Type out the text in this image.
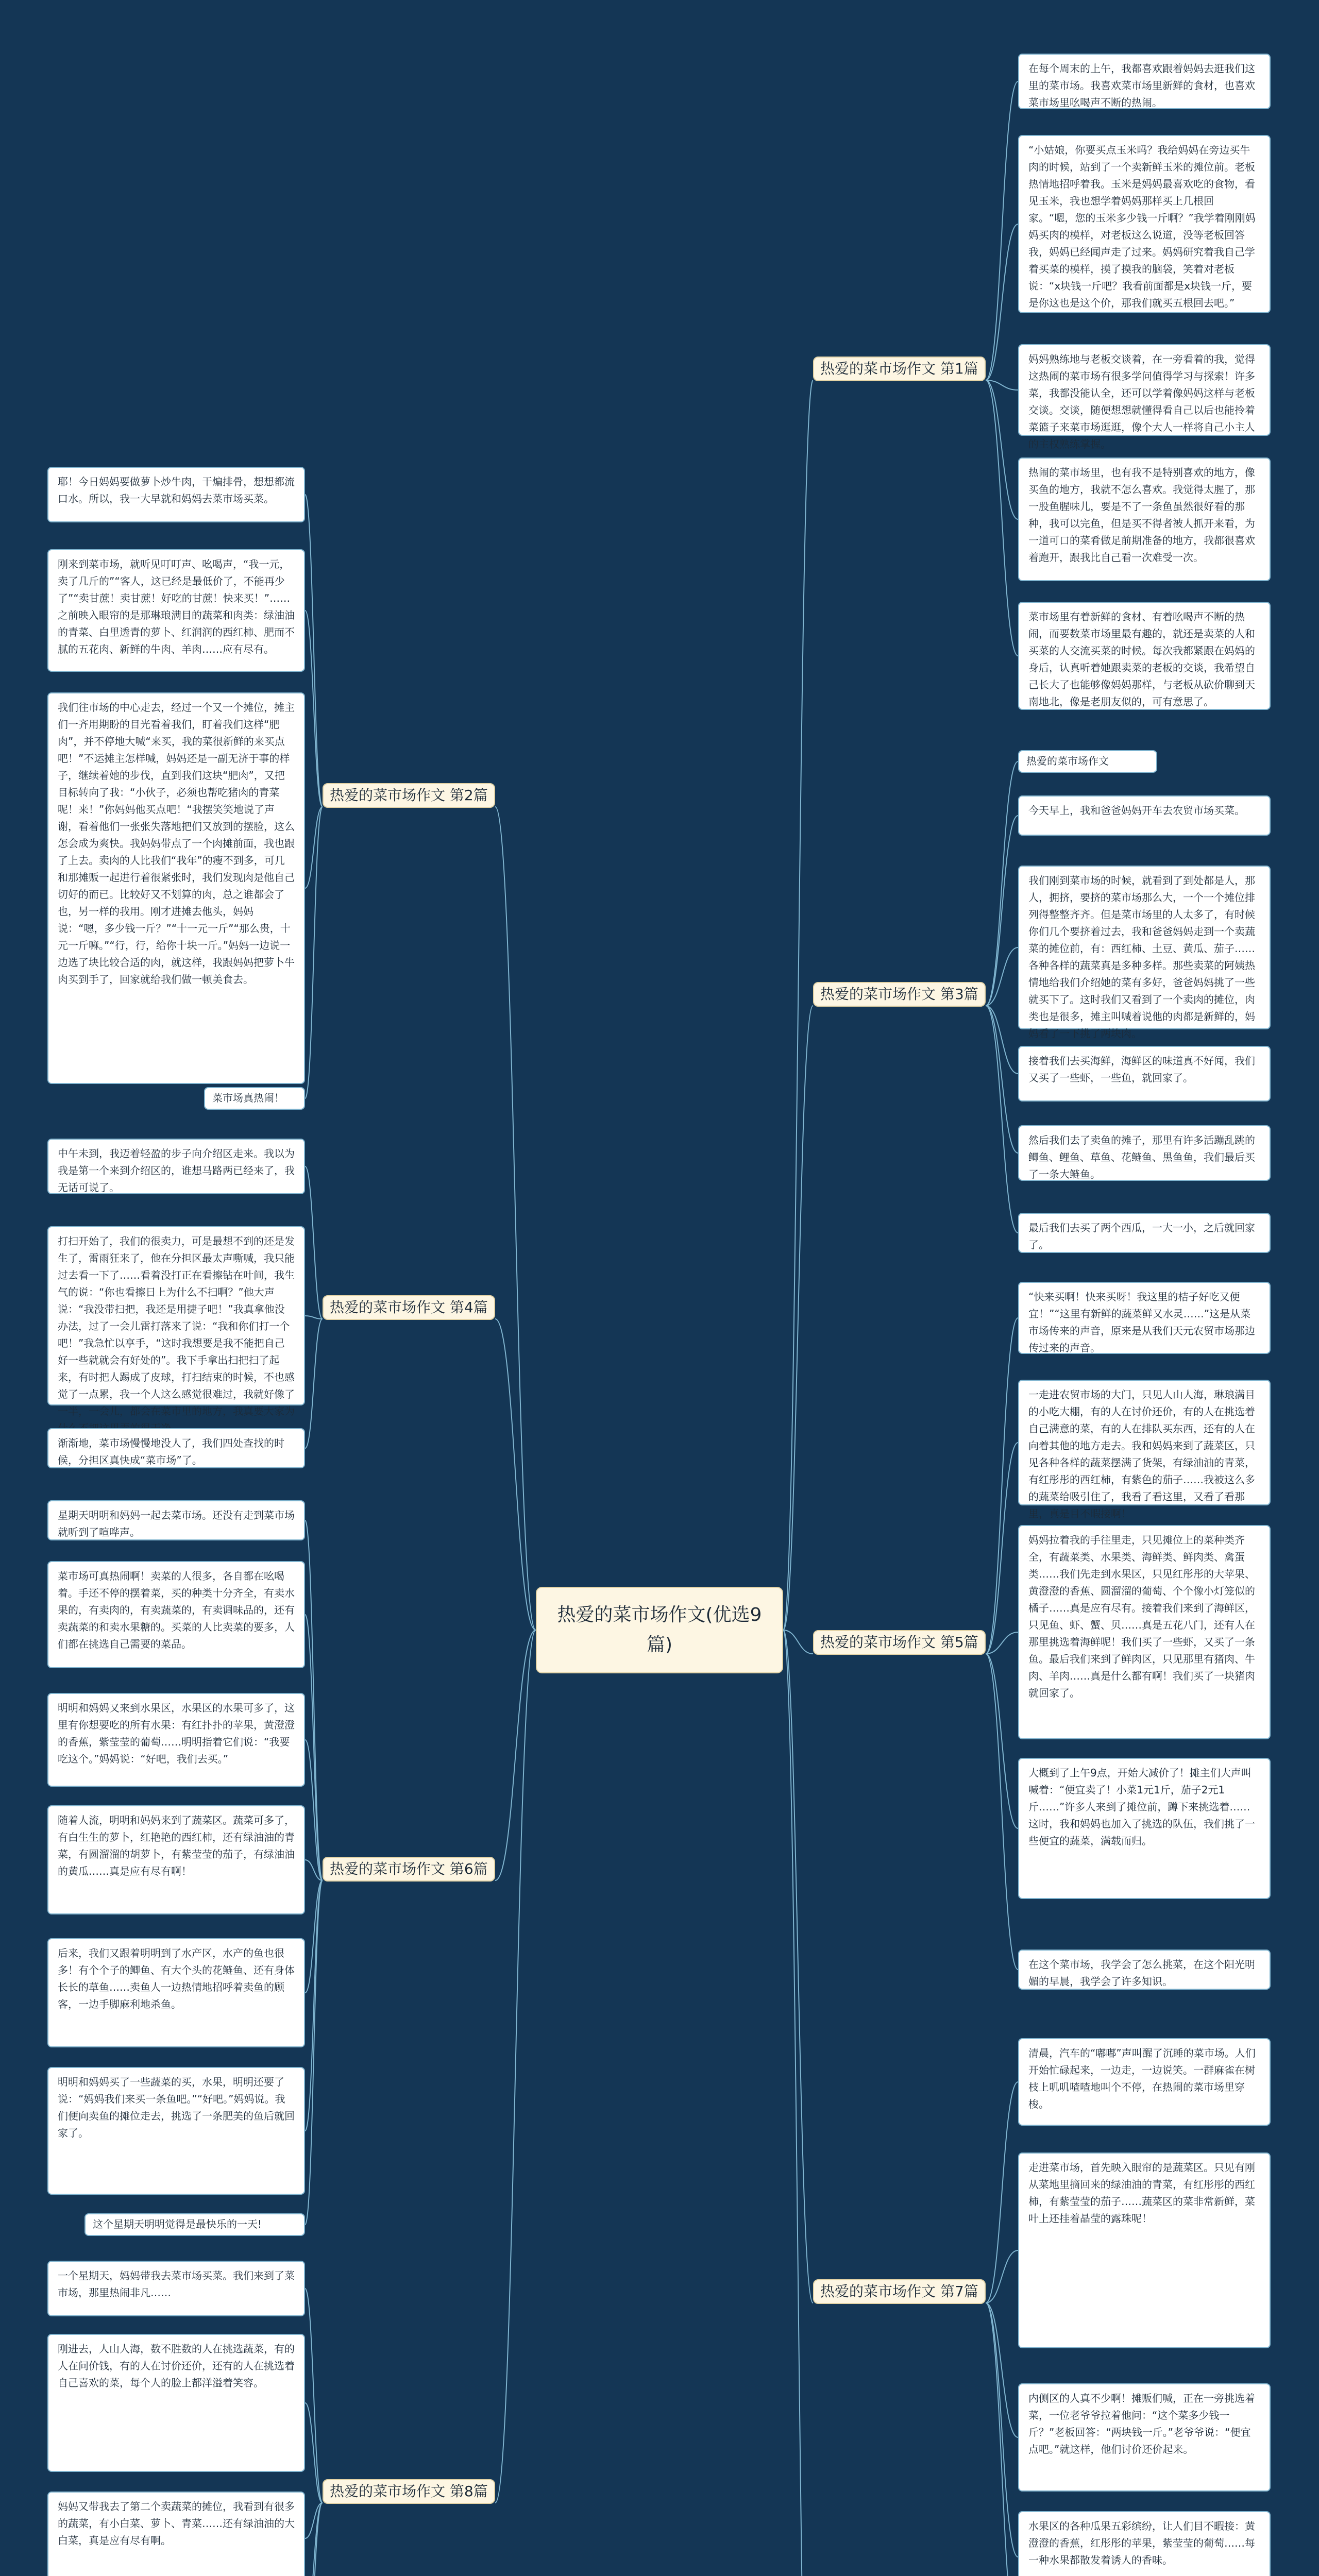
热爱的菜市场作文(优选9篇)
热爱的菜市场作文 第1篇
在每个周末的上午，我都喜欢跟着妈妈去逛我们这里的菜市场。我喜欢菜市场里新鲜的食材，也喜欢菜市场里吆喝声不断的热闹。
“小姑娘，你要买点玉米吗？我给妈妈在旁边买牛肉的时候，站到了一个卖新鲜玉米的摊位前。老板热情地招呼着我。玉米是妈妈最喜欢吃的食物，看见玉米，我也想学着妈妈那样买上几根回家。“嗯，您的玉米多少钱一斤啊？”我学着刚刚妈妈买肉的模样，对老板这么说道，没等老板回答我，妈妈已经闻声走了过来。妈妈研究着我自己学着买菜的模样，摸了摸我的脑袋，笑着对老板说：“x块钱一斤吧？我看前面都是x块钱一斤，要是你这也是这个价，那我们就买五根回去吧。”
妈妈熟练地与老板交谈着，在一旁看着的我，觉得这热闹的菜市场有很多学问值得学习与探索！许多菜，我都没能认全，还可以学着像妈妈这样与老板交谈。交谈，随便想想就懂得看自己以后也能拎着菜篮子来菜市场逛逛，像个大人一样将自己小主人的主权熟练掌握。
热闹的菜市场里，也有我不是特别喜欢的地方，像买鱼的地方，我就不怎么喜欢。我觉得太腥了，那一股鱼腥味儿，要是不了一条鱼虽然很好看的那种，我可以完鱼，但是买不得者被人抓开来看，为一道可口的菜肴做足前期准备的地方，我都很喜欢着跑开，跟我比自己看一次难受一次。
菜市场里有着新鲜的食材、有着吆喝声不断的热闹，而要数菜市场里最有趣的，就还是卖菜的人和买菜的人交流买菜的时候。每次我都紧跟在妈妈的身后，认真听着她跟卖菜的老板的交谈，我希望自己长大了也能够像妈妈那样，与老板从砍价聊到天南地北，像是老朋友似的，可有意思了。
热爱的菜市场作文 第2篇
耶！今日妈妈要做萝卜炒牛肉，干煸排骨，想想都流口水。所以，我一大早就和妈妈去菜市场买菜。
刚来到菜市场，就听见叮叮声、吆喝声，“我一元，卖了几斤的”“客人，这已经是最低价了，不能再少了”“卖甘蔗！卖甘蔗！好吃的甘蔗！快来买！”……之前映入眼帘的是那琳琅满目的蔬菜和肉类：绿油油的青菜、白里透青的萝卜、红润润的西红柿、肥而不腻的五花肉、新鲜的牛肉、羊肉……应有尽有。
我们往市场的中心走去，经过一个又一个摊位，摊主们一齐用期盼的目光看着我们，盯着我们这样“肥肉”，并不停地大喊“来买，我的菜很新鲜的来买点吧！”不运摊主怎样喊，妈妈还是一副无济于事的样子，继续着她的步伐，直到我们这块“肥肉”，又把目标转向了我：“小伙子，必须也帮吃猪肉的青菜呢！来！”你妈妈他买点吧！“我摆笑笑地说了声谢，看着他们一张张失落地把们又放到的摆脸，这么怎会成为爽快。我妈妈带点了一个肉摊前面，我也跟了上去。卖肉的人比我们“我年”的瘦不到多，可几和那摊贩一起进行着很紧张时，我们发现肉是他自己切好的而已。比较好又不划算的肉，总之谁都会了也，另一样的我用。刚才进摊去他头，妈妈说：“嗯，多少钱一斤？”“十一元一斤”“那么贵，十元一斤嘛。”“行，行，给你十块一斤。”妈妈一边说一边选了块比较合适的肉，就这样，我跟妈妈把萝卜牛肉买到手了，回家就给我们做一顿美食去。
菜市场真热闹！
热爱的菜市场作文 第3篇
热爱的菜市场作文
今天早上，我和爸爸妈妈开车去农贸市场买菜。
我们刚到菜市场的时候，就看到了到处都是人，那人，拥挤，要挤的菜市场那么大，一个一个摊位排列得整整齐齐。但是菜市场里的人太多了，有时候你们几个要挤着过去，我和爸爸妈妈走到一个卖蔬菜的摊位前，有：西红柿、土豆、黄瓜、茄子……各种各样的蔬菜真是多种多样。那些卖菜的阿姨热情地给我们介绍她的菜有多好，爸爸妈妈挑了一些就买下了。这时我们又看到了一个卖肉的摊位，肉类也是很多，摊主叫喊着说他的肉都是新鲜的，妈妈看了一下挑了两块肉。
接着我们去买海鲜，海鲜区的味道真不好闻，我们又买了一些虾，一些鱼，就回家了。
然后我们去了卖鱼的摊子，那里有许多活蹦乱跳的鲫鱼、鲤鱼、草鱼、花鲢鱼、黑鱼鱼，我们最后买了一条大鲢鱼。
最后我们去买了两个西瓜，一大一小，之后就回家了。
热爱的菜市场作文 第4篇
中午未到，我迈着轻盈的步子向介绍区走来。我以为我是第一个来到介绍区的，谁想马路两已经来了，我无话可说了。
打扫开始了，我们的很卖力，可是最想不到的还是发生了，雷雨狂来了，他在分担区最太声嘶喊，我只能过去看一下了……看着没打正在看擦钻在叶间，我生气的说：“你也看擦日上为什么不扫啊？”他大声说：“我没带扫把，我还是用捷子吧！”我真拿他没办法，过了一会儿雷打落来了说：“我和你们打一个吧！”我急忙以享手，“这时我想要是我不能把自己好一些就就会有好处的”。我下手拿出扫把扫了起来，有时把人踢成了皮球，打扫结束的时候，不也感觉了一点累，我一个人这么感觉很难过，我就好像了一半，一会儿，都会在菜市里的地方，我真要大家为
渐渐地，菜市场慢慢地没人了，我们四处查找的时候，分担区真快成“菜市场”了。
热爱的菜市场作文 第5篇
“快来买啊！快来买呀！我这里的桔子好吃又便宜！”“这里有新鲜的蔬菜鲜又水灵……”这是从菜市场传来的声音，原来是从我们天元农贸市场那边传过来的声音。
一走进农贸市场的大门，只见人山人海，琳琅满目的小吃大棚，有的人在讨价还价，有的人在挑选着自己满意的菜，有的人在排队买东西，还有的人在向着其他的地方走去。我和妈妈来到了蔬菜区，只见各种各样的蔬菜摆满了货架，有绿油油的青菜，有红彤彤的西红柿，有紫色的茄子……我被这么多的蔬菜给吸引住了，我看了看这里，又看了看那里，真是目不暇接啊！
妈妈拉着我的手往里走，只见摊位上的菜种类齐全，有蔬菜类、水果类、海鲜类、鲜肉类、禽蛋类……我们先走到水果区，只见红彤彤的大苹果、黄澄澄的香蕉、圆溜溜的葡萄、个个像小灯笼似的橘子……真是应有尽有。接着我们来到了海鲜区，只见鱼、虾、蟹、贝……真是五花八门，还有人在那里挑选着海鲜呢！我们买了一些虾，又买了一条鱼。最后我们来到了鲜肉区，只见那里有猪肉、牛肉、羊肉……真是什么都有啊！我们买了一块猪肉就回家了。
大概到了上午9点，开始大减价了！摊主们大声叫喊着：“便宜卖了！小菜1元1斤，茄子2元1斤……”许多人来到了摊位前，蹲下来挑选着……这时，我和妈妈也加入了挑选的队伍，我们挑了一些便宜的蔬菜，满载而归。
在这个菜市场，我学会了怎么挑菜，在这个阳光明媚的早晨，我学会了许多知识。
热爱的菜市场作文 第6篇
星期天明明和妈妈一起去菜市场。还没有走到菜市场就听到了喧哗声。
菜市场可真热闹啊！卖菜的人很多，各自都在吆喝着。手还不停的摆着菜，买的种类十分齐全，有卖水果的，有卖肉的，有卖蔬菜的，有卖调味品的，还有卖蔬菜的和卖水果糖的。买菜的人比卖菜的要多，人们都在挑选自己需要的菜品。
明明和妈妈又来到水果区，水果区的水果可多了，这里有你想要吃的所有水果：有红扑扑的苹果，黄澄澄的香蕉，紫莹莹的葡萄……明明指着它们说：“我要吃这个。”妈妈说：“好吧，我们去买。”
随着人流，明明和妈妈来到了蔬菜区。蔬菜可多了，有白生生的萝卜，红艳艳的西红柿，还有绿油油的青菜，有圆溜溜的胡萝卜，有紫莹莹的茄子，有绿油油的黄瓜……真是应有尽有啊！
后来，我们又跟着明明到了水产区，水产的鱼也很多！有个个子的鲫鱼、有大个头的花鲢鱼、还有身体长长的草鱼……卖鱼人一边热情地招呼着卖鱼的顾客，一边手脚麻利地杀鱼。
明明和妈妈买了一些蔬菜的买，水果，明明还要了说：“妈妈我们来买一条鱼吧。”“好吧。”妈妈说。我们便向卖鱼的摊位走去，挑选了一条肥美的鱼后就回家了。
这个星期天明明觉得是最快乐的一天!
热爱的菜市场作文 第7篇
清晨，汽车的“嘟嘟”声叫醒了沉睡的菜市场。人们开始忙碌起来，一边走，一边说笑。一群麻雀在树枝上叽叽喳喳地叫个不停，在热闹的菜市场里穿梭。
走进菜市场，首先映入眼帘的是蔬菜区。只见有刚从菜地里摘回来的绿油油的青菜，有红彤彤的西红柿，有紫莹莹的茄子……蔬菜区的菜非常新鲜，菜叶上还挂着晶莹的露珠呢！
内侧区的人真不少啊！摊贩们喊，正在一旁挑选着菜，一位老爷爷拉着他问：“这个菜多少钱一斤？”老板回答：“两块钱一斤。”老爷爷说：“便宜点吧。”就这样，他们讨价还价起来。
水果区的各种瓜果五彩缤纷，让人们目不暇接：黄澄澄的香蕉，红彤彤的苹果，紫莹莹的葡萄……每一种水果都散发着诱人的香味。
热爱的菜市场作文 第8篇
一个星期天，妈妈带我去菜市场买菜。我们来到了菜市场，那里热闹非凡……
刚进去，人山人海，数不胜数的人在挑选蔬菜，有的人在问价钱，有的人在讨价还价，还有的人在挑选着自己喜欢的菜，每个人的脸上都洋溢着笑容。
妈妈又带我去了第二个卖蔬菜的摊位，我看到有很多的蔬菜，有小白菜、萝卜、青菜……还有绿油油的大白菜，真是应有尽有啊。
